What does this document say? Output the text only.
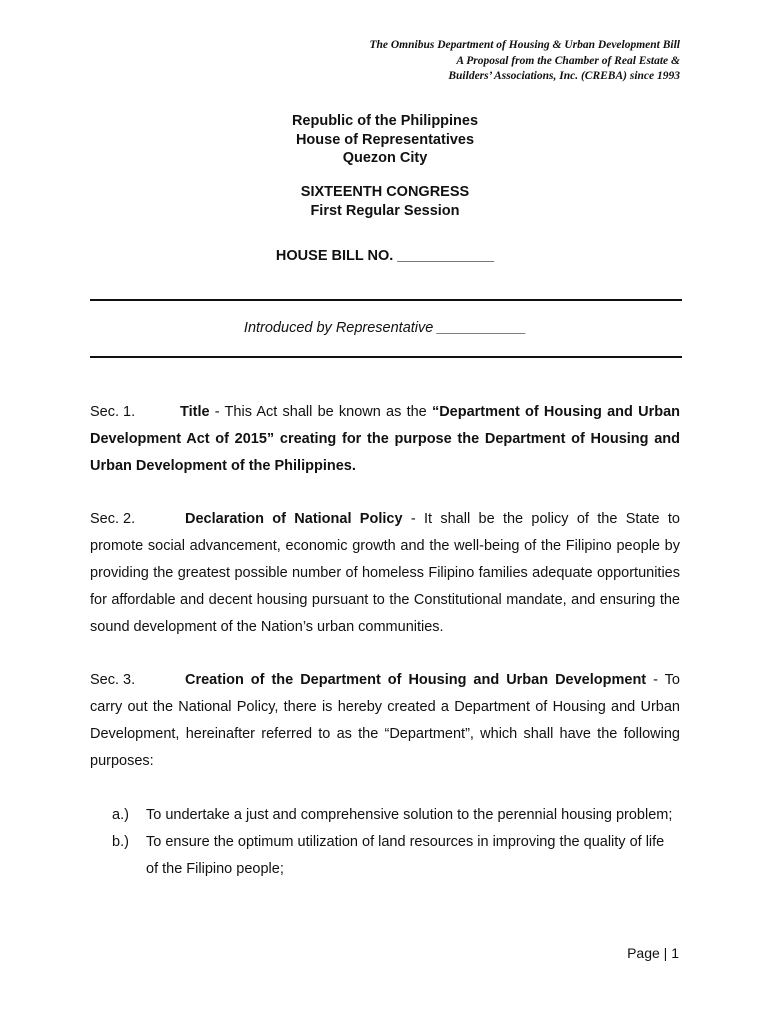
The Omnibus Department of Housing & Urban Development Bill
A Proposal from the Chamber of Real Estate &
Builders’ Associations, Inc. (CREBA) since 1993
Republic of the Philippines
House of Representatives
Quezon City
SIXTEENTH CONGRESS
First Regular Session
HOUSE BILL NO. ____________
Introduced by Representative ___________
Sec. 1.	Title - This Act shall be known as the “Department of Housing and Urban Development Act of 2015” creating for the purpose the Department of Housing and Urban Development of the Philippines.
Sec. 2.	Declaration of National Policy - It shall be the policy of the State to promote social advancement, economic growth and the well-being of the Filipino people by providing the greatest possible number of homeless Filipino families adequate opportunities for affordable and decent housing pursuant to the Constitutional mandate, and ensuring the sound development of the Nation’s urban communities.
Sec. 3.	Creation of the Department of Housing and Urban Development - To carry out the National Policy, there is hereby created a Department of Housing and Urban Development, hereinafter referred to as the “Department”, which shall have the following purposes:
a.) To undertake a just and comprehensive solution to the perennial housing problem;
b.) To ensure the optimum utilization of land resources in improving the quality of life of the Filipino people;
Page | 1
